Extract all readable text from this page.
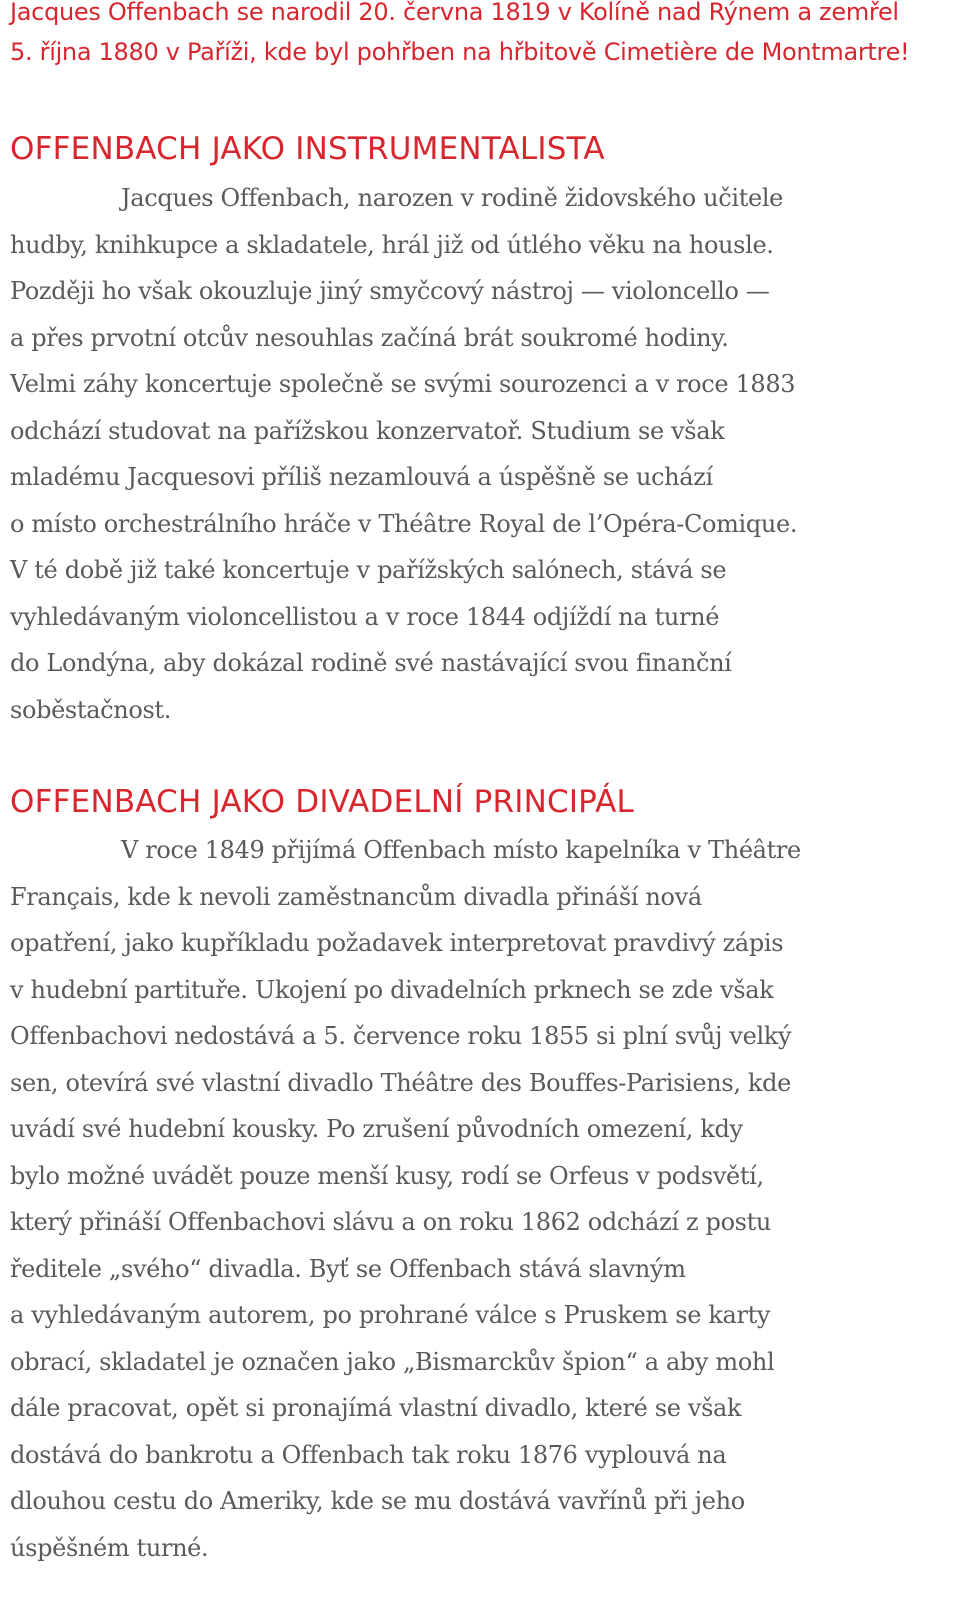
Jacques Offenbach se narodil 20. června 1819 v Kolíně nad Rýnem a zemřel
5. října 1880 v Paříži, kde byl pohřben na hřbitově Cimetière de Montmartre!

OFFENBACH JAKO INSTRUMENTALISTA

Jacques Offenbach, narozen v rodině židovského učitele
hudby, knihkupce a skladatele, hrál již od útlého věku na housle.
Později ho však okouzluje jiný smyčcový nástroj — violoncello —
a přes prvotní otcův nesouhlas začíná brát soukromé hodiny.
Velmi záhy koncertuje společně se svými sourozenci a v roce 1883
odchází studovat na pařížskou konzervatoř. Studium se však
mladému Jacquesovi příliš nezamlouvá a úspěšně se uchází
o místo orchestrálního hráče v Théâtre Royal de l’Opéra-Comique.
V té době již také koncertuje v pařížských salónech, stává se
vyhledávaným violoncellistou a v roce 1844 odjíždí na turné
do Londýna, aby dokázal rodině své nastávající svou finanční
soběstačnost.

OFFENBACH JAKO DIVADELNÍ PRINCIPÁL

V roce 1849 přijímá Offenbach místo kapelníka v Théâtre
Français, kde k nevoli zaměstnancům divadla přináší nová
opatření, jako kupříkladu požadavek interpretovat pravdivý zápis
v hudební partituře. Ukojení po divadelních prknech se zde však
Offenbachovi nedostává a 5. července roku 1855 si plní svůj velký
sen, otevírá své vlastní divadlo Théâtre des Bouffes-Parisiens, kde
uvádí své hudební kousky. Po zrušení původních omezení, kdy
bylo možné uvádět pouze menší kusy, rodí se Orfeus v podsvětí,
který přináší Offenbachovi slávu a on roku 1862 odchází z postu
ředitele „svého“ divadla. Byť se Offenbach stává slavným
a vyhledávaným autorem, po prohrané válce s Pruskem se karty
obrací, skladatel je označen jako „Bismarckův špion“ a aby mohl
dále pracovat, opět si pronajímá vlastní divadlo, které se však
dostává do bankrotu a Offenbach tak roku 1876 vyplouvá na
dlouhou cestu do Ameriky, kde se mu dostává vavřínů při jeho
úspěšném turné.
